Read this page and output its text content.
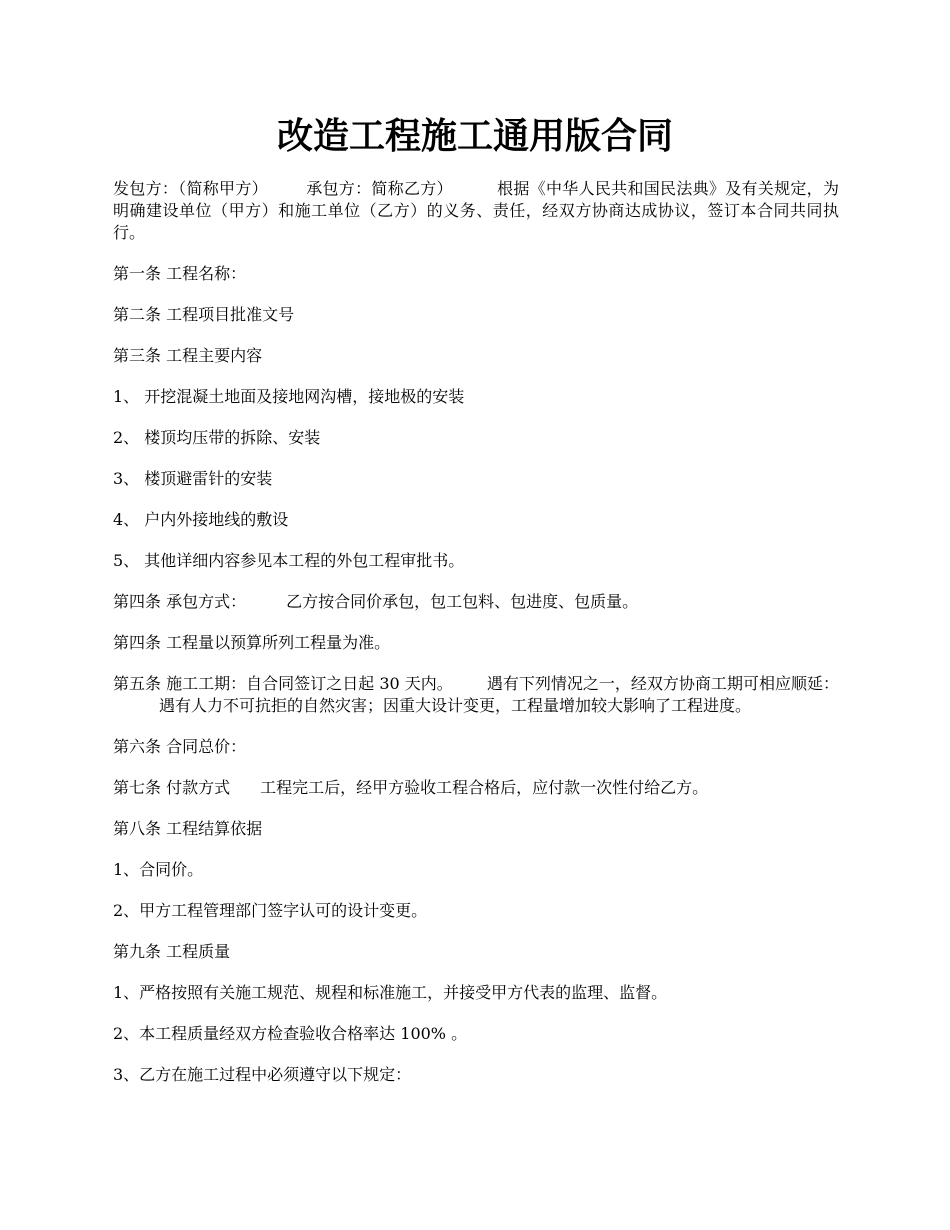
改造工程施工通用版合同

发包方：（简称甲方） 承包方：简称乙方）	根据《中华人民共和国民法典》及有关规定，为明确建设单位（甲方）和施工单位（乙方）的义务、责任，经双方协商达成协议，签订本合同共同执行。

第一条 工程名称：

第二条 工程项目批准文号

第三条 工程主要内容

1、 开挖混凝土地面及接地网沟槽，接地极的安装

2、 楼顶均压带的拆除、安装

3、 楼顶避雷针的安装

4、 户内外接地线的敷设

5、 其他详细内容参见本工程的外包工程审批书。

第四条 承包方式：	乙方按合同价承包，包工包料、包进度、包质量。

第四条 工程量以预算所列工程量为准。

第五条 施工工期：自合同签订之日起 30 天内。 遇有下列情况之一，经双方协商工期可相应顺延：遇有人力不可抗拒的自然灾害；因重大设计变更，工程量增加较大影响了工程进度。

第六条 合同总价：

第七条 付款方式 工程完工后，经甲方验收工程合格后，应付款一次性付给乙方。

第八条 工程结算依据

1、合同价。

2、甲方工程管理部门签字认可的设计变更。

第九条 工程质量

1、严格按照有关施工规范、规程和标准施工，并接受甲方代表的监理、监督。

2、本工程质量经双方检查验收合格率达 100% 。

3、乙方在施工过程中必须遵守以下规定：
